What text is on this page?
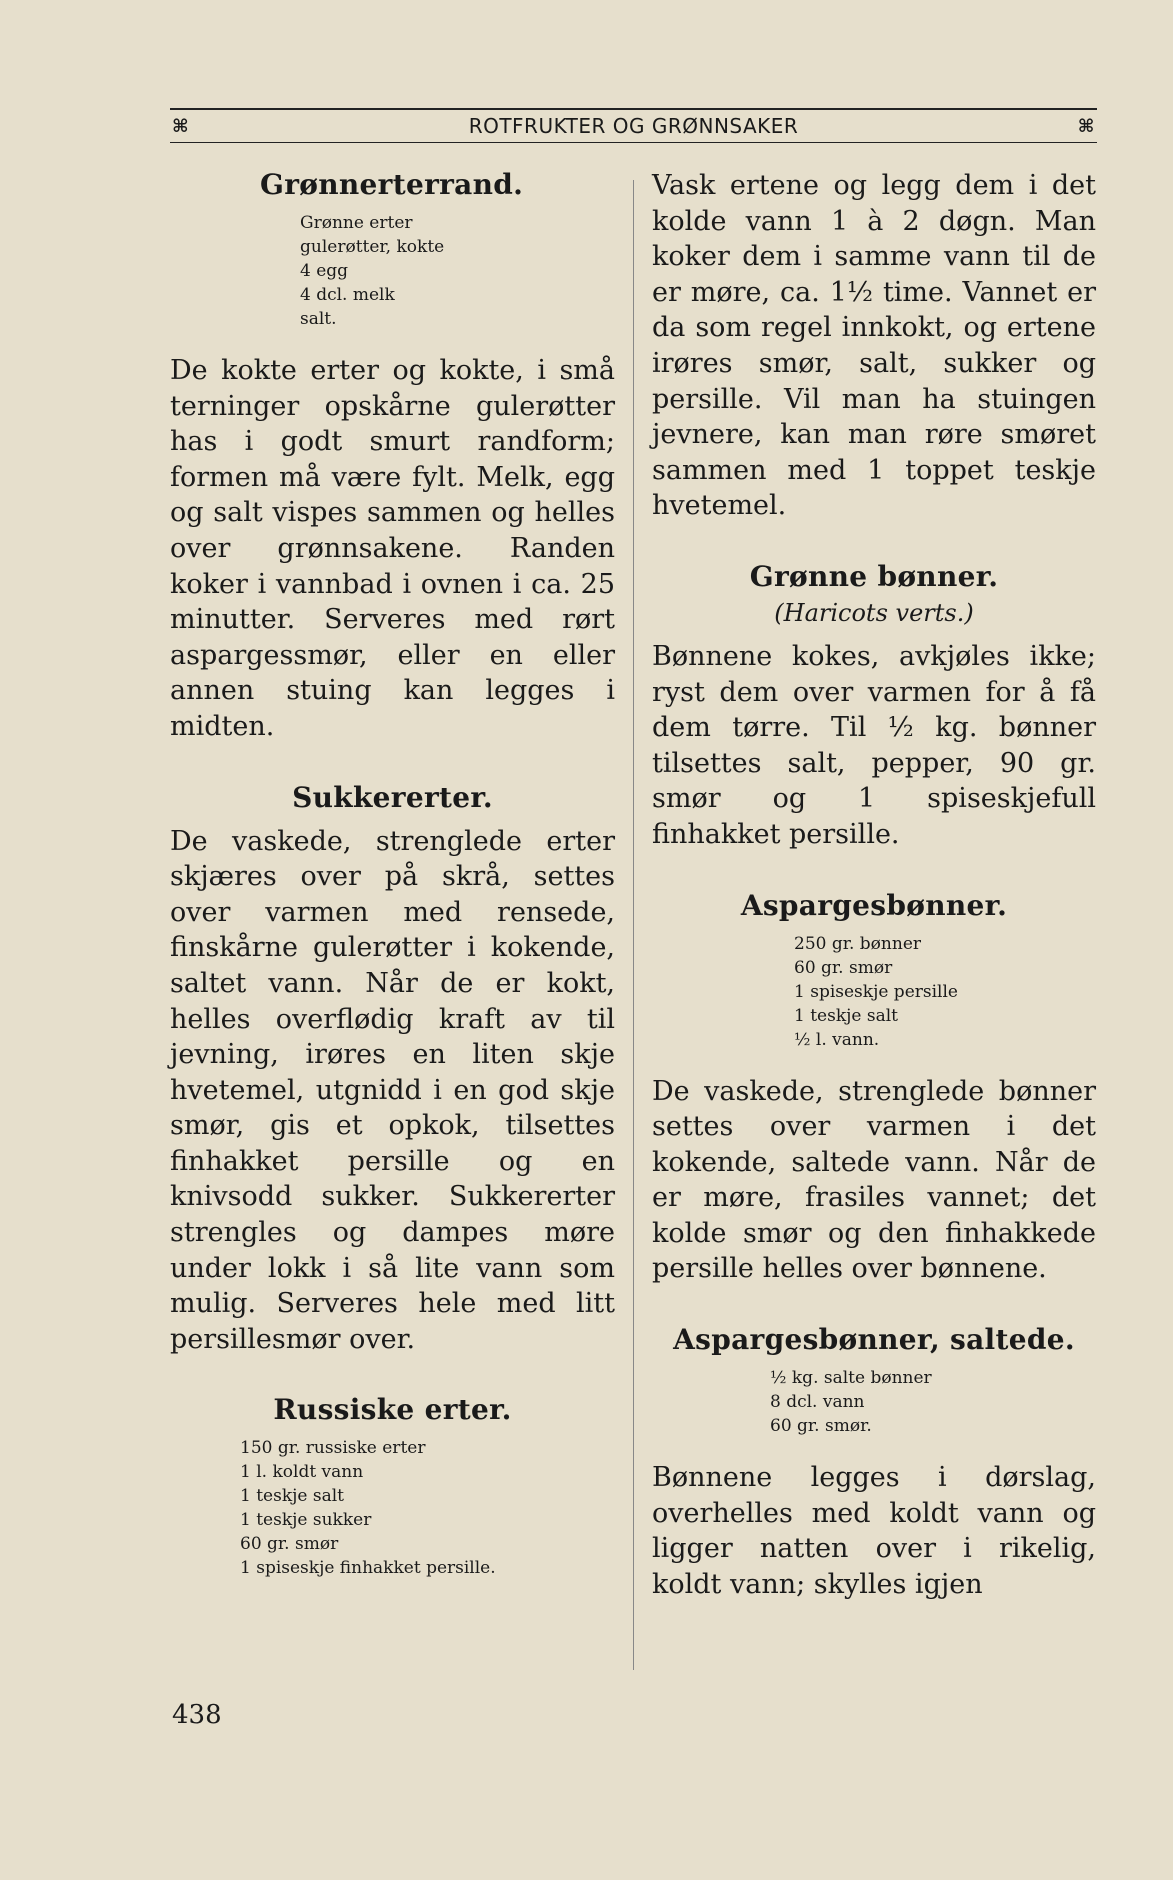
⌘	ROTFRUKTER OG GRØNNSAKER	⌘
Grønnerterrand.
Grønne erter
gulerøtter, kokte
4 egg
4 dcl. melk
salt.

De kokte erter og kokte, i små terninger opskårne gulerøtter has i godt smurt randform; formen må være fylt. Melk, egg og salt vispes sammen og helles over grønnsakene. Randen koker i vannbad i ovnen i ca. 25 minutter. Serveres med rørt aspargessmør, eller en eller annen stuing kan legges i midten.

Sukkererter.

De vaskede, strenglede erter skjæres over på skrå, settes over varmen med rensede, finskårne gulerøtter i kokende, saltet vann. Når de er kokt, helles overflødig kraft av til jevning, irøres en liten skje hvetemel, utgnidd i en god skje smør, gis et opkok, tilsettes finhakket persille og en knivsodd sukker. Sukkererter strengles og dampes møre under lokk i så lite vann som mulig. Serveres hele med litt persillesmør over.

Russiske erter.
150 gr. russiske erter
1 l. koldt vann
1 teskje salt
1 teskje sukker
60 gr. smør
1 spiseskje finhakket persille.

Vask ertene og legg dem i det kolde vann 1 à 2 døgn. Man koker dem i samme vann til de er møre, ca. 1½ time. Vannet er da som regel innkokt, og ertene irøres smør, salt, sukker og persille. Vil man ha stuingen jevnere, kan man røre smøret sammen med 1 toppet teskje hvetemel.

Grønne bønner.
(Haricots verts.)

Bønnene kokes, avkjøles ikke; ryst dem over varmen for å få dem tørre. Til ½ kg. bønner tilsettes salt, pepper, 90 gr. smør og 1 spiseskjefull finhakket persille.

Aspargesbønner.
250 gr. bønner
60 gr. smør
1 spiseskje persille
1 teskje salt
½ l. vann.

De vaskede, strenglede bønner settes over varmen i det kokende, saltede vann. Når de er møre, frasiles vannet; det kolde smør og den finhakkede persille helles over bønnene.

Aspargesbønner, saltede.
½ kg. salte bønner
8 dcl. vann
60 gr. smør.

Bønnene legges i dørslag, overhelles med koldt vann og ligger natten over i rikelig, koldt vann; skylles igjen

438
